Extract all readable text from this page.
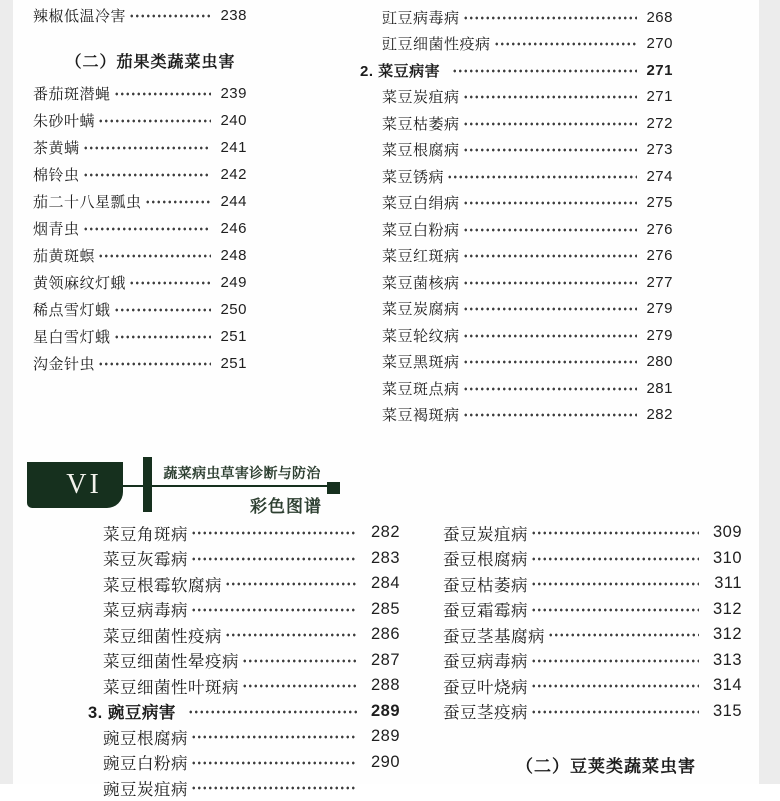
辣椒低温冷害	238
（二）茄果类蔬菜虫害
番茄斑潜蝇	239
朱砂叶螨	240
茶黄螨	241
棉铃虫	242
茄二十八星瓢虫	244
烟青虫	246
茄黄斑螟	248
黄领麻纹灯蛾	249
稀点雪灯蛾	250
星白雪灯蛾	251
沟金针虫	251
豇豆病毒病	268
豇豆细菌性疫病	270
2. 菜豆病害	271
菜豆炭疽病	271
菜豆枯萎病	272
菜豆根腐病	273
菜豆锈病	274
菜豆白绢病	275
菜豆白粉病	276
菜豆红斑病	276
菜豆菌核病	277
菜豆炭腐病	279
菜豆轮纹病	279
菜豆黑斑病	280
菜豆斑点病	281
菜豆褐斑病	282
VI	蔬菜病虫草害诊断与防治
彩色图谱
菜豆角斑病	282
菜豆灰霉病	283
菜豆根霉软腐病	284
菜豆病毒病	285
菜豆细菌性疫病	286
菜豆细菌性晕疫病	287
菜豆细菌性叶斑病	288
3. 豌豆病害	289
豌豆根腐病	289
豌豆白粉病	290
豌豆炭疽病
蚕豆炭疽病	309
蚕豆根腐病	310
蚕豆枯萎病	311
蚕豆霜霉病	312
蚕豆茎基腐病	312
蚕豆病毒病	313
蚕豆叶烧病	314
蚕豆茎疫病	315
（二）豆荚类蔬菜虫害
